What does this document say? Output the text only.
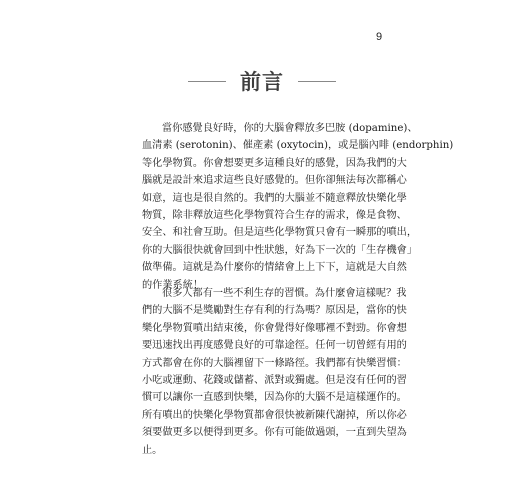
9
前言
當你感覺良好時，你的大腦會釋放多巴胺 (dopamine)、
血清素 (serotonin)、催產素 (oxytocin)，或是腦內啡 (endorphin)
等化學物質。你會想要更多這種良好的感覺，因為我們的大
腦就是設計來追求這些良好感覺的。但你卻無法每次都稱心
如意，這也是很自然的。我們的大腦並不隨意釋放快樂化學
物質，除非釋放這些化學物質符合生存的需求，像是食物、
安全、和社會互助。但是這些化學物質只會有一瞬那的噴出，
你的大腦很快就會回到中性狀態，好為下一次的「生存機會」
做準備。這就是為什麼你的情緒會上上下下，這就是大自然
的作業系統！
很多人都有一些不利生存的習慣。為什麼會這樣呢？我
們的大腦不是獎勵對生存有利的行為嗎？原因是，當你的快
樂化學物質噴出結束後，你會覺得好像哪裡不對勁。你會想
要迅速找出再度感覺良好的可靠途徑。任何一切曾經有用的
方式都會在你的大腦裡留下一條路徑。我們都有快樂習慣：
小吃或運動、花錢或儲蓄、派對或獨處。但是沒有任何的習
慣可以讓你一直感到快樂，因為你的大腦不是這樣運作的。
所有噴出的快樂化學物質都會很快被新陳代謝掉，所以你必
須要做更多以便得到更多。你有可能做過頭，一直到失望為
止。
